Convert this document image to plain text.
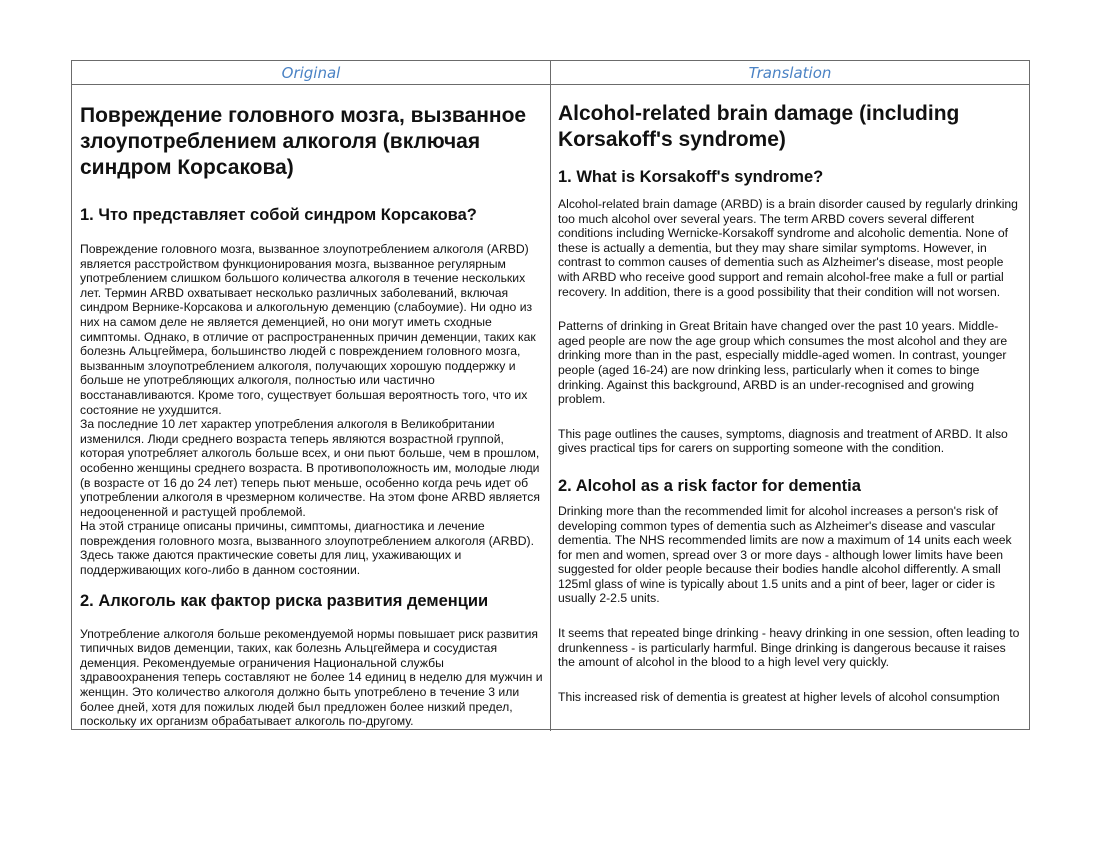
Original	Translation
Повреждение головного мозга, вызванное злоупотреблением алкоголя (включая синдром Корсакова)
1. Что представляет собой синдром Корсакова?

Повреждение головного мозга, вызванное злоупотреблением алкоголя (ARBD) является расстройством функционирования мозга, вызванное регулярным употреблением слишком большого количества алкоголя в течение нескольких лет. Термин ARBD охватывает несколько различных заболеваний, включая синдром Вернике-Корсакова и алкогольную деменцию (слабоумие). Ни одно из них на самом деле не является деменцией, но они могут иметь сходные симптомы. Однако, в отличие от распространенных причин деменции, таких как болезнь Альцгеймера, большинство людей с повреждением головного мозга, вызванным злоупотреблением алкоголя, получающих хорошую поддержку и больше не употребляющих алкоголя, полностью или частично восстанавливаются. Кроме того, существует большая вероятность того, что их состояние не ухудшится.

За последние 10 лет характер употребления алкоголя в Великобритании изменился. Люди среднего возраста теперь являются возрастной группой, которая употребляет алкоголь больше всех, и они пьют больше, чем в прошлом, особенно женщины среднего возраста. В противоположность им, молодые люди (в возрасте от 16 до 24 лет) теперь пьют меньше, особенно когда речь идет об употреблении алкоголя в чрезмерном количестве. На этом фоне ARBD является недооцененной и растущей проблемой.

На этой странице описаны причины, симптомы, диагностика и лечение повреждения головного мозга, вызванного злоупотреблением алкоголя (ARBD). Здесь также даются практические советы для лиц, ухаживающих и поддерживающих кого-либо в данном состоянии.

2. Алкоголь как фактор риска развития деменции

Употребление алкоголя больше рекомендуемой нормы повышает риск развития типичных видов деменции, таких, как болезнь Альцгеймера и сосудистая деменция. Рекомендуемые ограничения Национальной службы здравоохранения теперь составляют не более 14 единиц в неделю для мужчин и женщин. Это количество алкоголя должно быть употреблено в течение 3 или более дней, хотя для пожилых людей был предложен более низкий предел, поскольку их организм обрабатывает алкоголь по-другому.

Alcohol-related brain damage (including Korsakoff's syndrome)
1. What is Korsakoff's syndrome?

Alcohol-related brain damage (ARBD) is a brain disorder caused by regularly drinking too much alcohol over several years. The term ARBD covers several different conditions including Wernicke-Korsakoff syndrome and alcoholic dementia. None of these is actually a dementia, but they may share similar symptoms. However, in contrast to common causes of dementia such as Alzheimer's disease, most people with ARBD who receive good support and remain alcohol-free make a full or partial recovery. In addition, there is a good possibility that their condition will not worsen.

Patterns of drinking in Great Britain have changed over the past 10 years. Middle-aged people are now the age group which consumes the most alcohol and they are drinking more than in the past, especially middle-aged women. In contrast, younger people (aged 16-24) are now drinking less, particularly when it comes to binge drinking. Against this background, ARBD is an under-recognised and growing problem.

This page outlines the causes, symptoms, diagnosis and treatment of ARBD. It also gives practical tips for carers on supporting someone with the condition.

2. Alcohol as a risk factor for dementia

Drinking more than the recommended limit for alcohol increases a person's risk of developing common types of dementia such as Alzheimer's disease and vascular dementia. The NHS recommended limits are now a maximum of 14 units each week for men and women, spread over 3 or more days - although lower limits have been suggested for older people because their bodies handle alcohol differently. A small 125ml glass of wine is typically about 1.5 units and a pint of beer, lager or cider is usually 2-2.5 units.

It seems that repeated binge drinking - heavy drinking in one session, often leading to drunkenness - is particularly harmful. Binge drinking is dangerous because it raises the amount of alcohol in the blood to a high level very quickly.

This increased risk of dementia is greatest at higher levels of alcohol consumption
